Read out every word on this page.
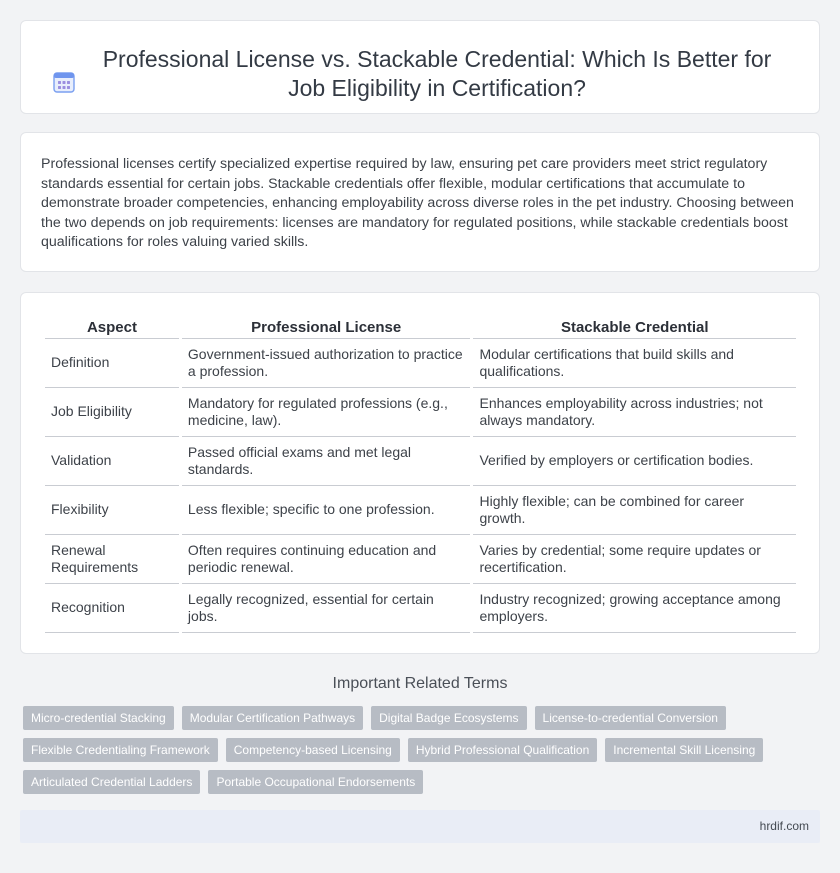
Professional License vs. Stackable Credential: Which Is Better for Job Eligibility in Certification?

Professional licenses certify specialized expertise required by law, ensuring pet care providers meet strict regulatory standards essential for certain jobs. Stackable credentials offer flexible, modular certifications that accumulate to demonstrate broader competencies, enhancing employability across diverse roles in the pet industry. Choosing between the two depends on job requirements: licenses are mandatory for regulated positions, while stackable credentials boost qualifications for roles valuing varied skills.

Aspect	Professional License	Stackable Credential
Definition	Government-issued authorization to practice a profession.	Modular certifications that build skills and qualifications.
Job Eligibility	Mandatory for regulated professions (e.g., medicine, law).	Enhances employability across industries; not always mandatory.
Validation	Passed official exams and met legal standards.	Verified by employers or certification bodies.
Flexibility	Less flexible; specific to one profession.	Highly flexible; can be combined for career growth.
Renewal Requirements	Often requires continuing education and periodic renewal.	Varies by credential; some require updates or recertification.
Recognition	Legally recognized, essential for certain jobs.	Industry recognized; growing acceptance among employers.
Important Related Terms
Micro-credential Stacking	Modular Certification Pathways	Digital Badge Ecosystems	License-to-credential Conversion
Flexible Credentialing Framework	Competency-based Licensing	Hybrid Professional Qualification	Incremental Skill Licensing
Articulated Credential Ladders	Portable Occupational Endorsements
hrdif.com
